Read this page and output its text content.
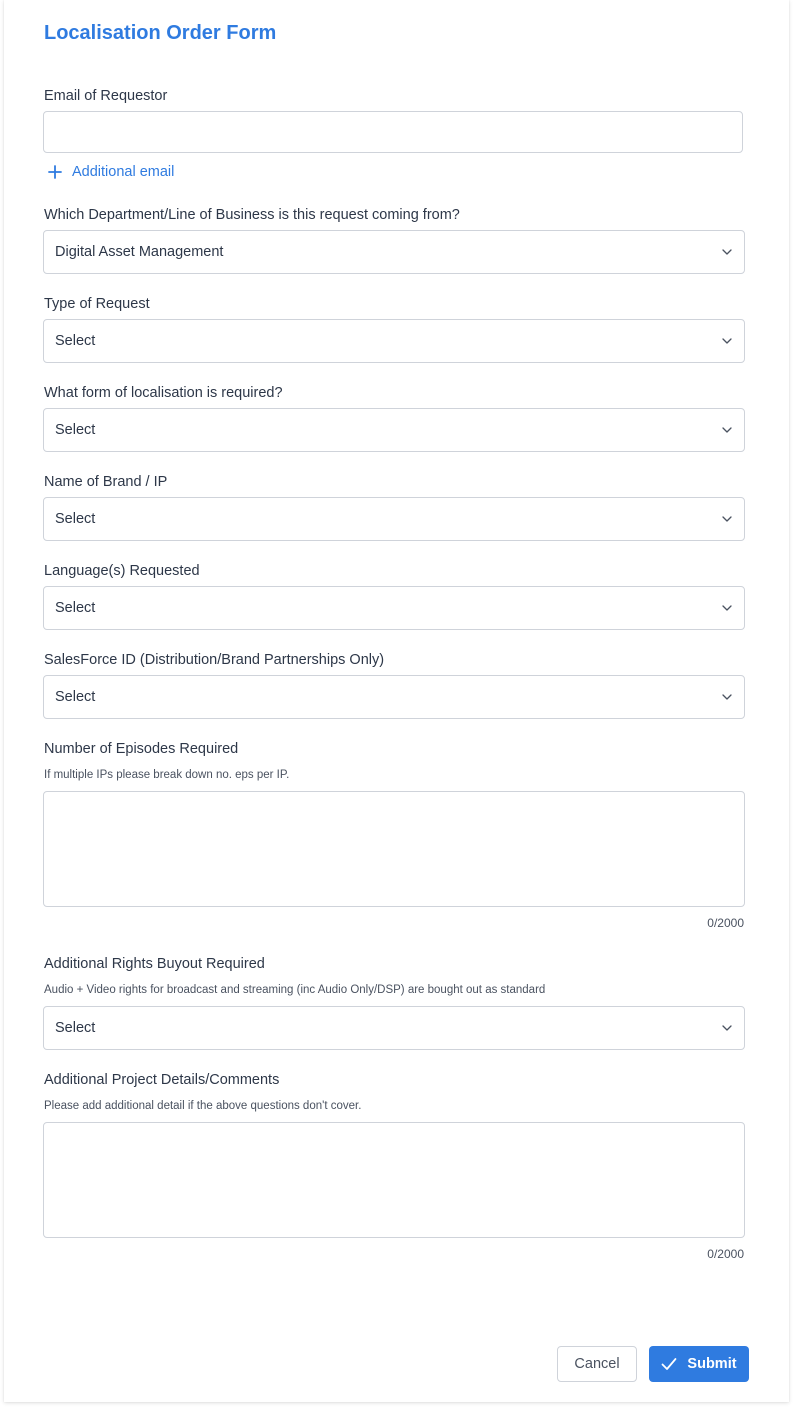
Localisation Order Form
Email of Requestor
Additional email
Which Department/Line of Business is this request coming from?
Digital Asset Management
Type of Request
Select
What form of localisation is required?
Select
Name of Brand / IP
Select
Language(s) Requested
Select
SalesForce ID (Distribution/Brand Partnerships Only)
Select
Number of Episodes Required
If multiple IPs please break down no. eps per IP.
0/2000
Additional Rights Buyout Required
Audio + Video rights for broadcast and streaming (inc Audio Only/DSP) are bought out as standard
Select
Additional Project Details/Comments
Please add additional detail if the above questions don't cover.
0/2000
Cancel	Submit
